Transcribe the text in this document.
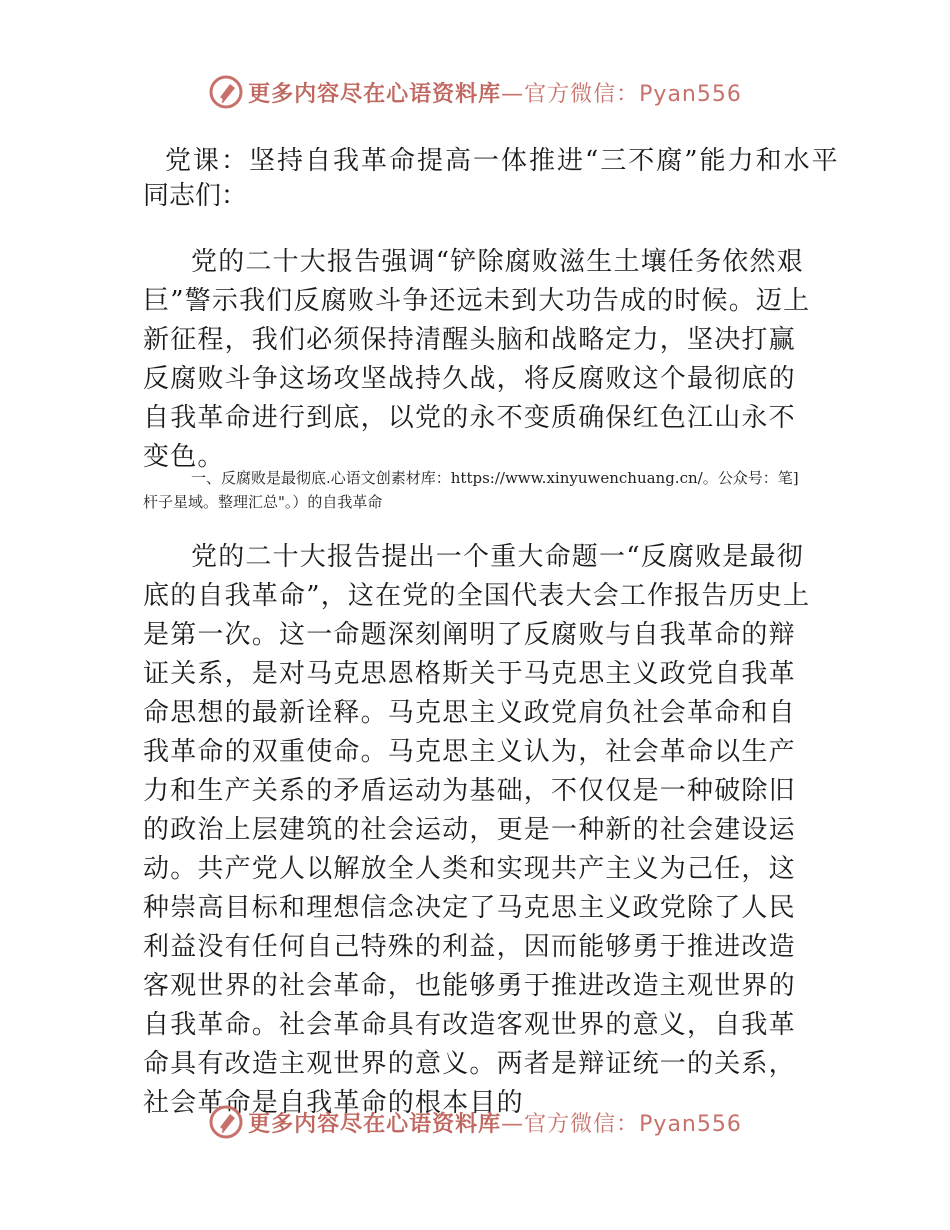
更多内容尽在心语资料库—官方微信：Pyan556
党课：坚持自我革命提高一体推进“三不腐”能力和水平
同志们：

党的二十大报告强调“铲除腐败滋生土壤任务依然艰巨”警示我们反腐败斗争还远未到大功告成的时候。迈上新征程，我们必须保持清醒头脑和战略定力，坚决打赢反腐败斗争这场攻坚战持久战，将反腐败这个最彻底的自我革命进行到底，以党的永不变质确保红色江山永不变色。

一、反腐败是最彻底.心语文创素材库：https://www.xinyuwenchuang.cn/。公众号：笔]杆子星域。整理汇总"。）的自我革命

党的二十大报告提出一个重大命题一“反腐败是最彻底的自我革命”，这在党的全国代表大会工作报告历史上是第一次。这一命题深刻阐明了反腐败与自我革命的辩证关系，是对马克思恩格斯关于马克思主义政党自我革命思想的最新诠释。马克思主义政党肩负社会革命和自我革命的双重使命。马克思主义认为，社会革命以生产力和生产关系的矛盾运动为基础，不仅仅是一种破除旧的政治上层建筑的社会运动，更是一种新的社会建设运动。共产党人以解放全人类和实现共产主义为己任，这种崇高目标和理想信念决定了马克思主义政党除了人民利益没有任何自己特殊的利益，因而能够勇于推进改造客观世界的社会革命，也能够勇于推进改造主观世界的自我革命。社会革命具有改造客观世界的意义，自我革命具有改造主观世界的意义。两者是辩证统一的关系，社会革命是自我革命的根本目的

更多内容尽在心语资料库—官方微信：Pyan556
